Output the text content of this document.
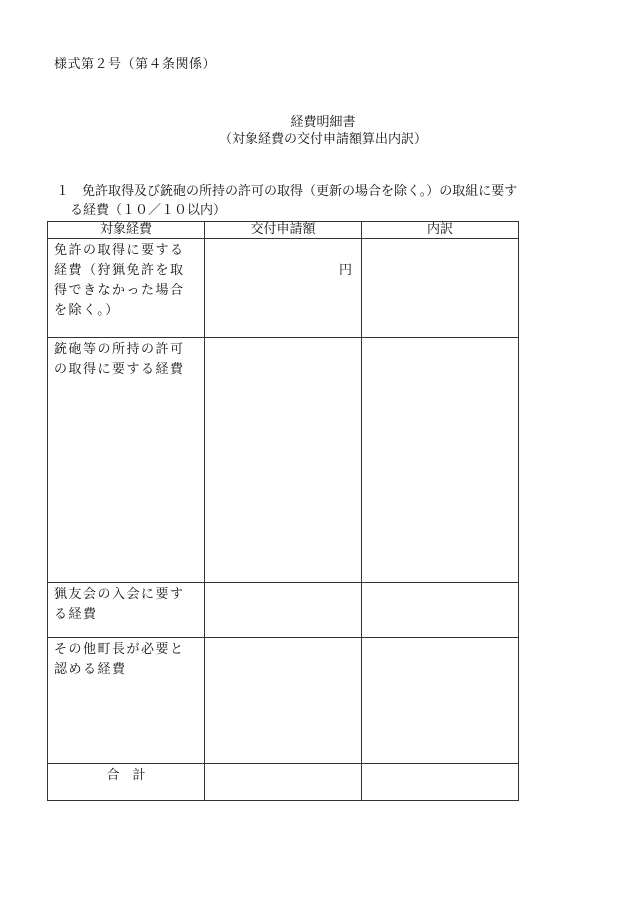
様式第２号（第４条関係）
経費明細書
（対象経費の交付申請額算出内訳）
１　免許取得及び銃砲の所持の許可の取得（更新の場合を除く。）の取組に要す
る経費（１０／１０以内）
対象経費	交付申請額	内訳

免許の取得に要する経費（狩猟免許を取得できなかった場合を除く。）	円	

銃砲等の所持の許可の取得に要する経費		

猟友会の入会に要する経費		

その他町長が必要と認める経費		

合　計		
